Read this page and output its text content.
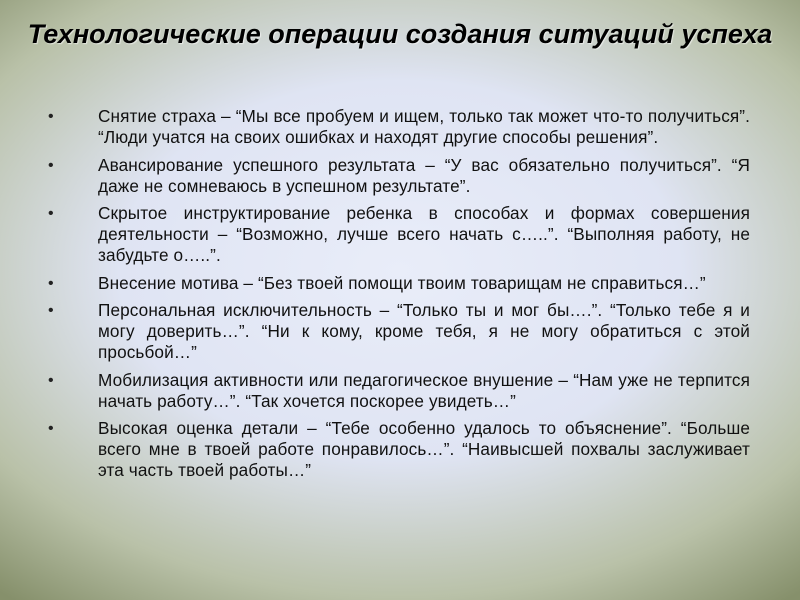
Технологические операции создания ситуаций успеха
•	Снятие страха – “Мы все пробуем и ищем, только так может что-то получиться”. “Люди учатся на своих ошибках и находят другие способы решения”.
•	Авансирование успешного результата – “У вас обязательно получиться”. “Я даже не сомневаюсь в успешном результате”.
•	Скрытое инструктирование ребенка в способах и формах совершения деятельности – “Возможно, лучше всего начать с…..”. “Выполняя работу, не забудьте о…..”.
•	Внесение мотива – “Без твоей помощи твоим товарищам не справиться…”
•	Персональная исключительность – “Только ты и мог бы….”. “Только тебе я и могу доверить…”. “Ни к кому, кроме тебя, я не могу обратиться с этой просьбой…”
•	Мобилизация активности или педагогическое внушение – “Нам уже не терпится начать работу…”. “Так хочется поскорее увидеть…”
•	Высокая оценка детали – “Тебе особенно удалось то объяснение”. “Больше всего мне в твоей работе понравилось…”. “Наивысшей похвалы заслуживает эта часть твоей работы…”
